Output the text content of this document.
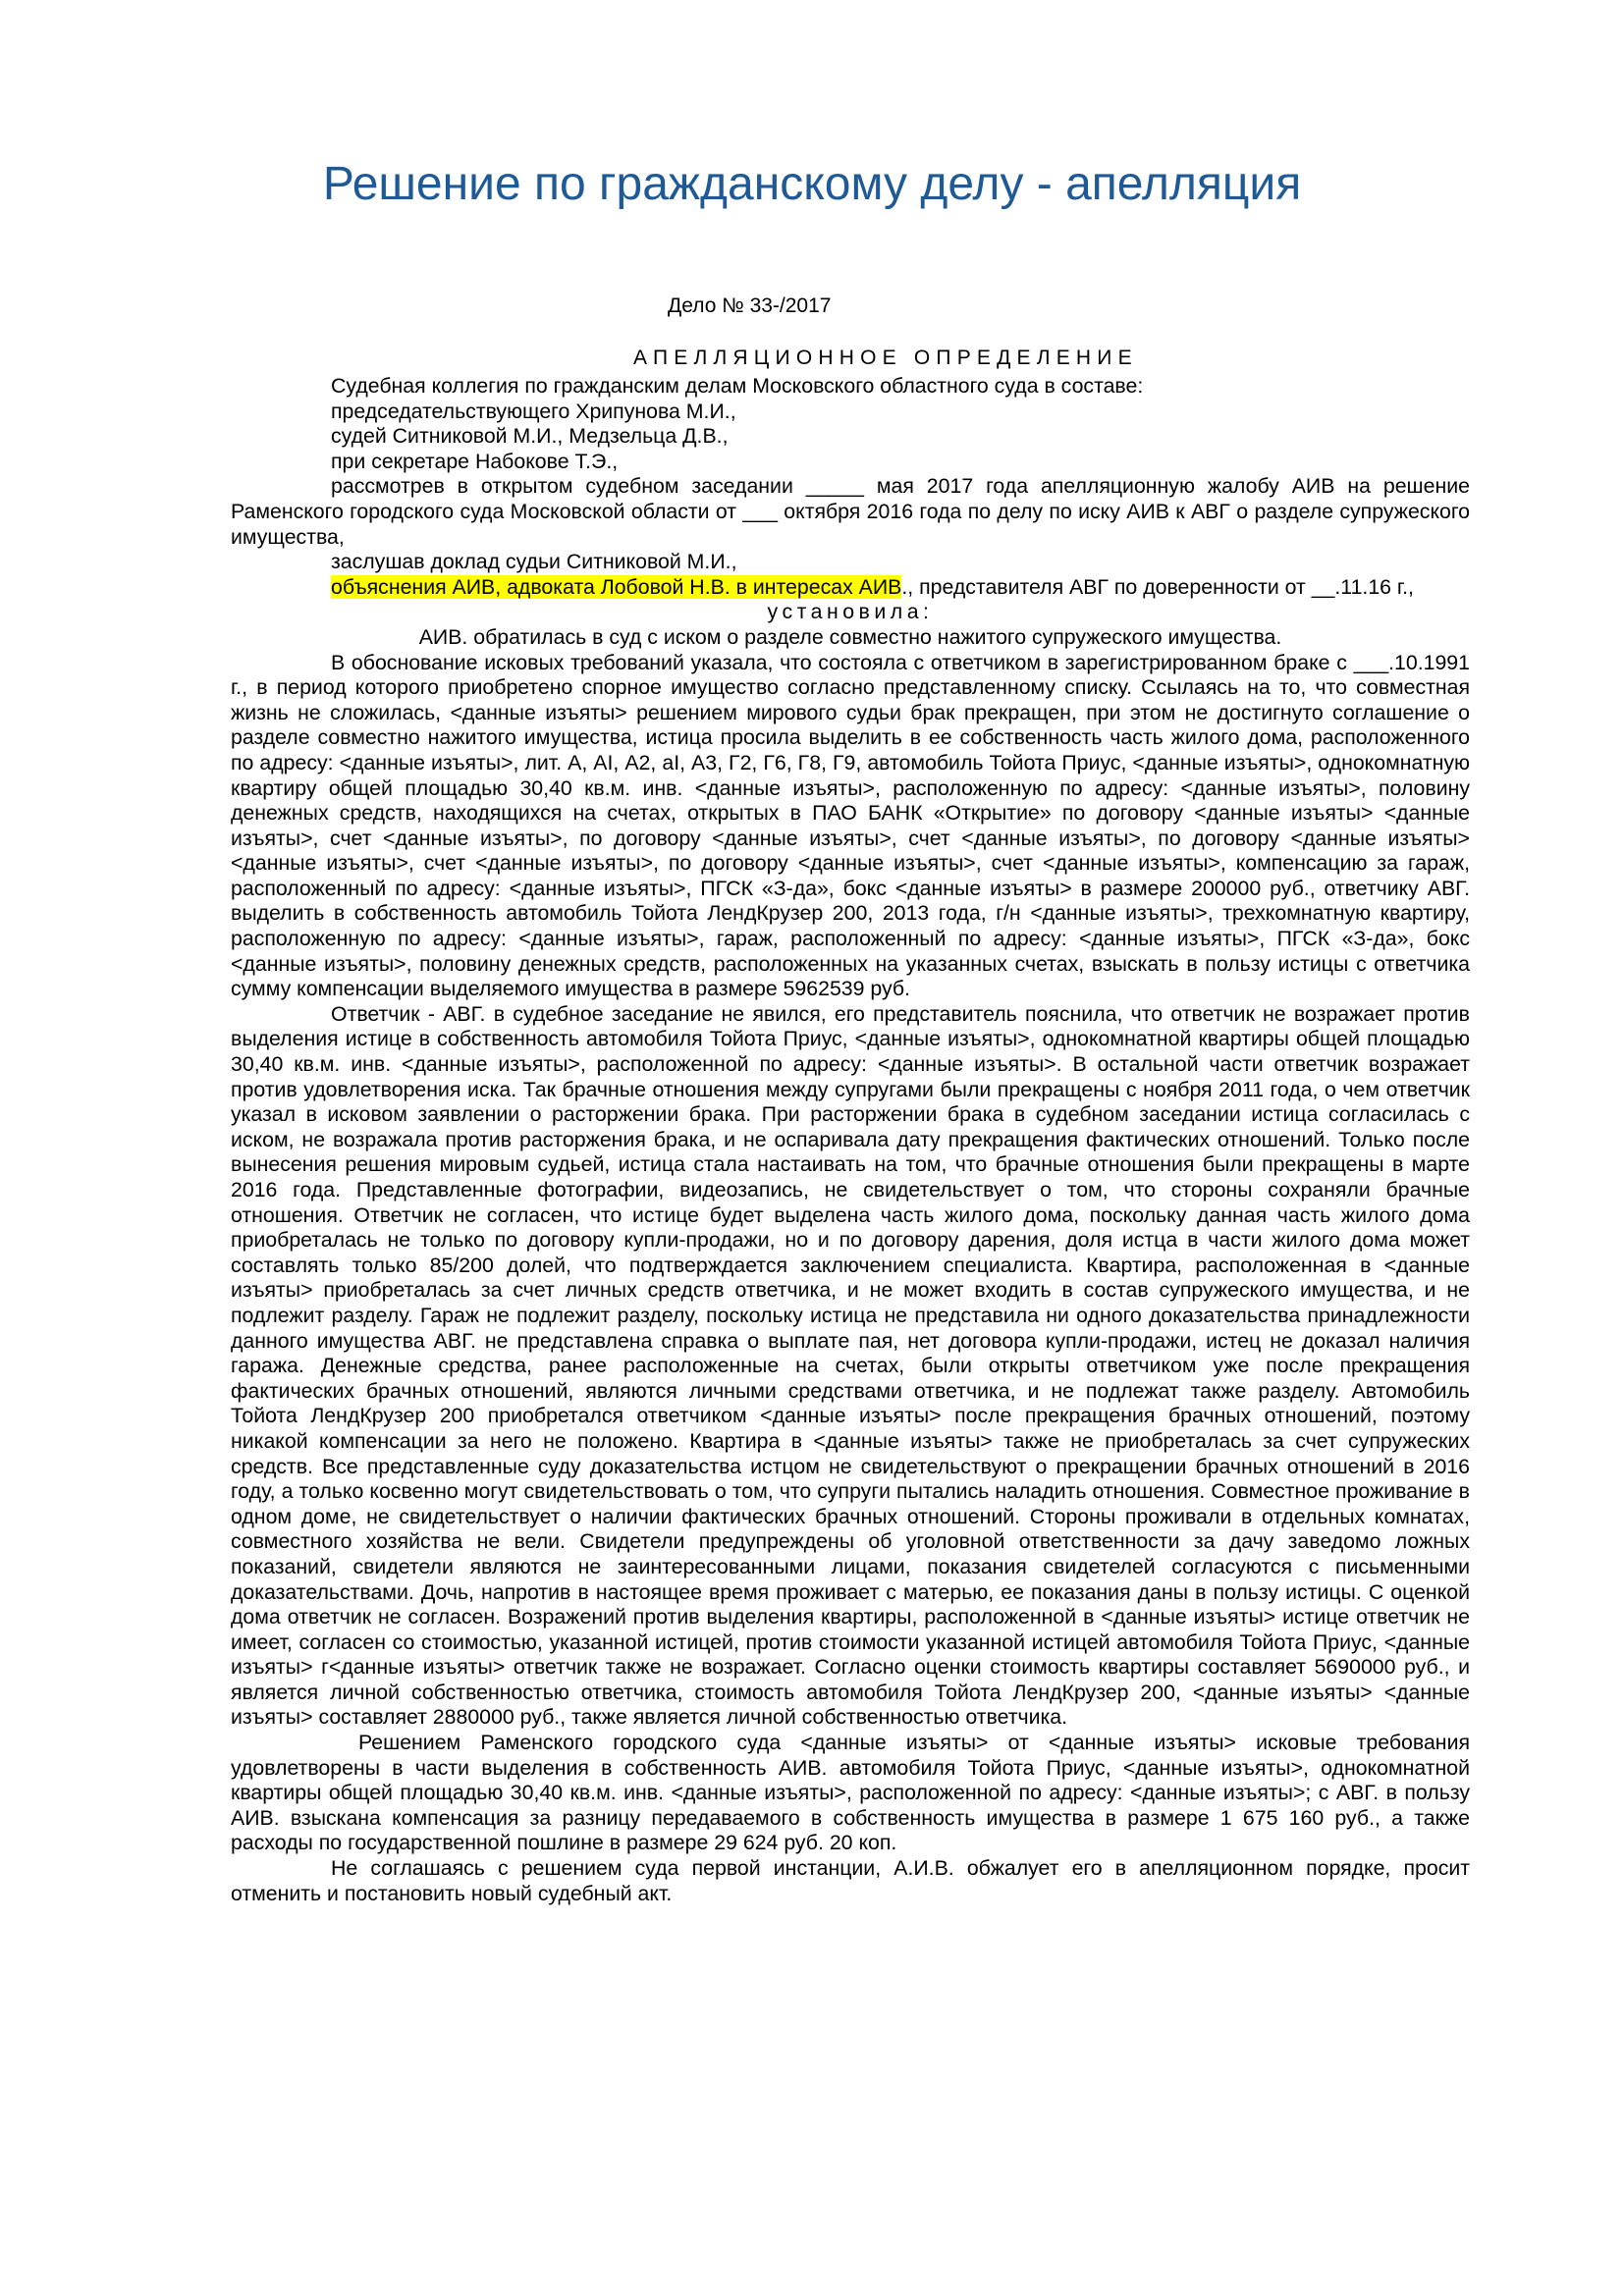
Решение по гражданскому делу - апелляция
Дело № 33-/2017
АПЕЛЛЯЦИОННОЕ ОПРЕДЕЛЕНИЕ

Судебная коллегия по гражданским делам Московского областного суда в составе:

председательствующего Хрипунова М.И.,

судей Ситниковой М.И., Медзельца Д.В.,

при секретаре Набокове Т.Э.,

рассмотрев в открытом судебном заседании _____ мая 2017 года апелляционную жалобу АИВ на решение Раменского городского суда Московской области от ___ октября 2016 года по делу по иску АИВ к АВГ о разделе супружеского имущества,

заслушав доклад судьи Ситниковой М.И.,

объяснения АИВ, адвоката Лобовой Н.В. в интересах АИВ., представителя АВГ по доверенности от __.11.16 г.,

установила:

АИВ. обратилась в суд с иском о разделе совместно нажитого супружеского имущества.

В обоснование исковых требований указала, что состояла с ответчиком в зарегистрированном браке с ___.10.1991 г., в период которого приобретено спорное имущество согласно представленному списку. Ссылаясь на то, что совместная жизнь не сложилась, <данные изъяты> решением мирового судьи брак прекращен, при этом не достигнуто соглашение о разделе совместно нажитого имущества, истица просила выделить в ее собственность часть жилого дома, расположенного по адресу: <данные изъяты>, лит. А, AI, А2, aI, А3, Г2, Г6, Г8, Г9, автомобиль Тойота Приус, <данные изъяты>, однокомнатную квартиру общей площадью 30,40 кв.м. инв. <данные изъяты>, расположенную по адресу: <данные изъяты>, половину денежных средств, находящихся на счетах, открытых в ПАО БАНК «Открытие» по договору <данные изъяты> <данные изъяты>, счет <данные изъяты>, по договору <данные изъяты>, счет <данные изъяты>, по договору <данные изъяты> <данные изъяты>, счет <данные изъяты>, по договору <данные изъяты>, счет <данные изъяты>, компенсацию за гараж, расположенный по адресу: <данные изъяты>, ПГСК «З-да», бокс <данные изъяты> в размере 200000 руб., ответчику АВГ. выделить в собственность автомобиль Тойота ЛендКрузер 200, 2013 года, г/н <данные изъяты>, трехкомнатную квартиру, расположенную по адресу: <данные изъяты>, гараж, расположенный по адресу: <данные изъяты>, ПГСК «З-да», бокс <данные изъяты>, половину денежных средств, расположенных на указанных счетах, взыскать в пользу истицы с ответчика сумму компенсации выделяемого имущества в размере 5962539 руб.

Ответчик - АВГ. в судебное заседание не явился, его представитель пояснила, что ответчик не возражает против выделения истице в собственность автомобиля Тойота Приус, <данные изъяты>, однокомнатной квартиры общей площадью 30,40 кв.м. инв. <данные изъяты>, расположенной по адресу: <данные изъяты>. В остальной части ответчик возражает против удовлетворения иска. Так брачные отношения между супругами были прекращены с ноября 2011 года, о чем ответчик указал в исковом заявлении о расторжении брака. При расторжении брака в судебном заседании истица согласилась с иском, не возражала против расторжения брака, и не оспаривала дату прекращения фактических отношений. Только после вынесения решения мировым судьей, истица стала настаивать на том, что брачные отношения были прекращены в марте 2016 года. Представленные фотографии, видеозапись, не свидетельствует о том, что стороны сохраняли брачные отношения. Ответчик не согласен, что истице будет выделена часть жилого дома, поскольку данная часть жилого дома приобреталась не только по договору купли-продажи, но и по договору дарения, доля истца в части жилого дома может составлять только 85/200 долей, что подтверждается заключением специалиста. Квартира, расположенная в <данные изъяты> приобреталась за счет личных средств ответчика, и не может входить в состав супружеского имущества, и не подлежит разделу. Гараж не подлежит разделу, поскольку истица не представила ни одного доказательства принадлежности данного имущества АВГ. не представлена справка о выплате пая, нет договора купли-продажи, истец не доказал наличия гаража. Денежные средства, ранее расположенные на счетах, были открыты ответчиком уже после прекращения фактических брачных отношений, являются личными средствами ответчика, и не подлежат также разделу. Автомобиль Тойота ЛендКрузер 200 приобретался ответчиком <данные изъяты> после прекращения брачных отношений, поэтому никакой компенсации за него не положено. Квартира в <данные изъяты> также не приобреталась за счет супружеских средств. Все представленные суду доказательства истцом не свидетельствуют о прекращении брачных отношений в 2016 году, а только косвенно могут свидетельствовать о том, что супруги пытались наладить отношения. Совместное проживание в одном доме, не свидетельствует о наличии фактических брачных отношений. Стороны проживали в отдельных комнатах, совместного хозяйства не вели. Свидетели предупреждены об уголовной ответственности за дачу заведомо ложных показаний, свидетели являются не заинтересованными лицами, показания свидетелей согласуются с письменными доказательствами. Дочь, напротив в настоящее время проживает с матерью, ее показания даны в пользу истицы. С оценкой дома ответчик не согласен. Возражений против выделения квартиры, расположенной в <данные изъяты> истице ответчик не имеет, согласен со стоимостью, указанной истицей, против стоимости указанной истицей автомобиля Тойота Приус, <данные изъяты> г<данные изъяты> ответчик также не возражает. Согласно оценки стоимость квартиры составляет 5690000 руб., и является личной собственностью ответчика, стоимость автомобиля Тойота ЛендКрузер 200, <данные изъяты> <данные изъяты> составляет 2880000 руб., также является личной собственностью ответчика.

Решением Раменского городского суда <данные изъяты> от <данные изъяты> исковые требования удовлетворены в части выделения в собственность АИВ. автомобиля Тойота Приус, <данные изъяты>, однокомнатной квартиры общей площадью 30,40 кв.м. инв. <данные изъяты>, расположенной по адресу: <данные изъяты>; с АВГ. в пользу АИВ. взыскана компенсация за разницу передаваемого в собственность имущества в размере 1 675 160 руб., а также расходы по государственной пошлине в размере 29 624 руб. 20 коп.

Не соглашаясь с решением суда первой инстанции, А.И.В. обжалует его в апелляционном порядке, просит отменить и постановить новый судебный акт.
